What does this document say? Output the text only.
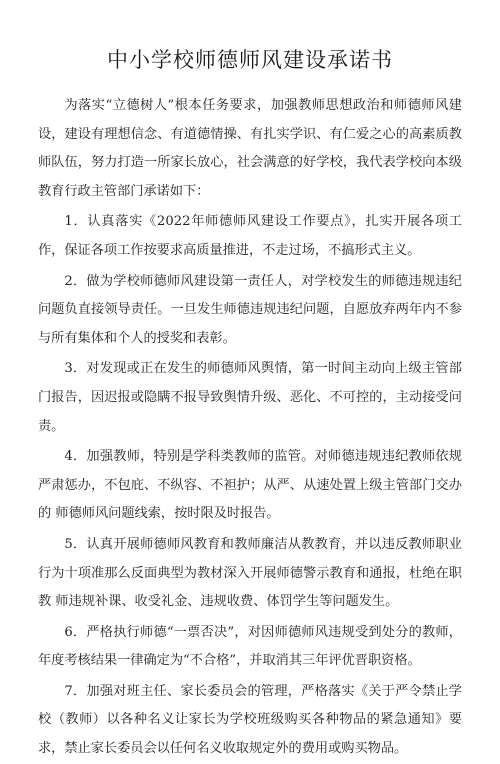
中小学校师德师风建设承诺书

为落实“立德树人”根本任务要求，加强教师思想政治和师德师风建 设，建设有理想信念、有道德情操、有扎实学识、有仁爱之心的高素质教 师队伍，努力打造一所家长放心，社会满意的好学校，我代表学校向本级 教育行政主管部门承诺如下：

1．认真落实《2022年师德师风建设工作要点》，扎实开展各项工作，保证各项工作按要求高质量推进，不走过场，不搞形式主义。

2．做为学校师德师风建设第一责任人，对学校发生的师德违规违纪问题负直接领导责任。一旦发生师德违规违纪问题，自愿放弃两年内不参 与所有集体和个人的授奖和表彰。

3．对发现或正在发生的师德师风舆情，第一时间主动向上级主管部门报告，因迟报或隐瞒不报导致舆情升级、恶化、不可控的，主动接受问责。

4．加强教师，特别是学科类教师的监管。对师德违规违纪教师依规严肃惩办，不包庇、不纵容、不袒护；从严、从速处置上级主管部门交办的 师德师风问题线索，按时限及时报告。

5．认真开展师德师风教育和教师廉洁从教教育，并以违反教师职业行为十项准那么反面典型为教材深入开展师德警示教育和通报，杜绝在职教 师违规补课、收受礼金、违规收费、体罚学生等问题发生。

6．严格执行师德“一票否决”，对因师德师风违规受到处分的教师，年度考核结果一律确定为“不合格”，并取消其三年评优晋职资格。

7．加强对班主任、家长委员会的管理，严格落实《关于严令禁止学校（教师）以各种名义让家长为学校班级购买各种物品的紧急通知》要求，禁止家长委员会以任何名义收取规定外的费用或购买物品。
